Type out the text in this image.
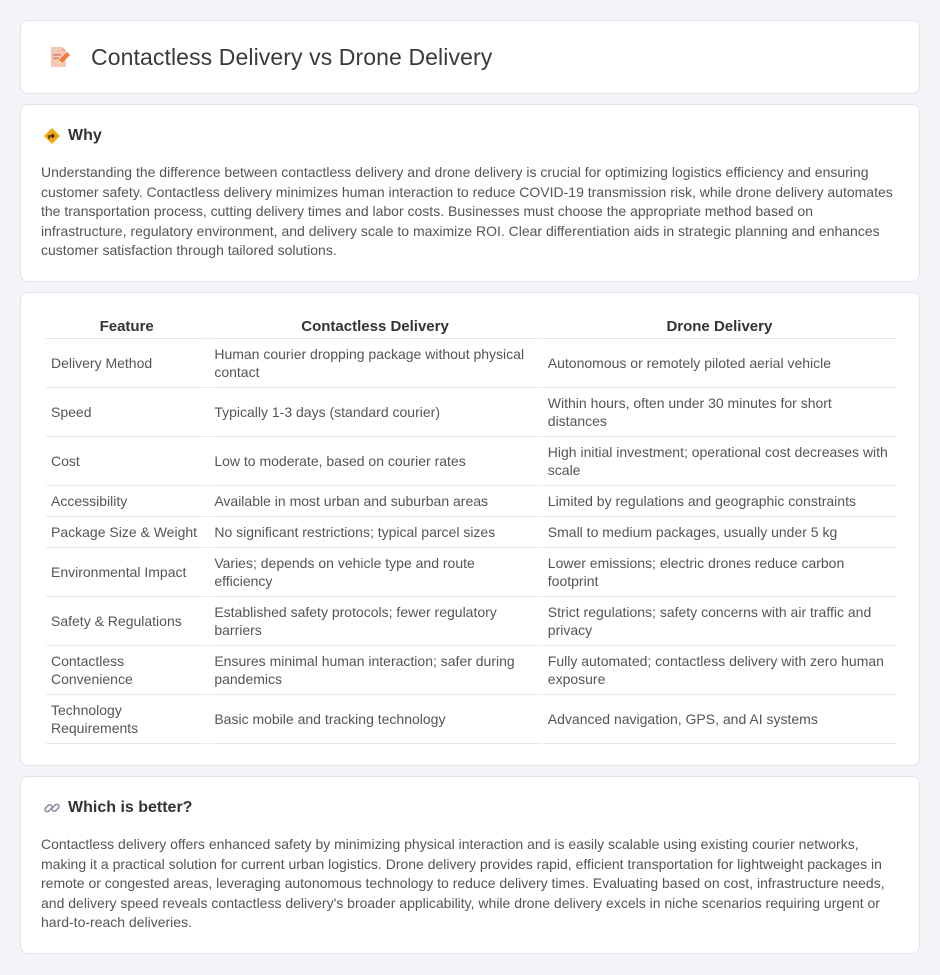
Contactless Delivery vs Drone Delivery
Why

Understanding the difference between contactless delivery and drone delivery is crucial for optimizing logistics efficiency and ensuring customer safety. Contactless delivery minimizes human interaction to reduce COVID-19 transmission risk, while drone delivery automates the transportation process, cutting delivery times and labor costs. Businesses must choose the appropriate method based on infrastructure, regulatory environment, and delivery scale to maximize ROI. Clear differentiation aids in strategic planning and enhances customer satisfaction through tailored solutions.

Feature	Contactless Delivery	Drone Delivery
Delivery Method	Human courier dropping package without physical contact	Autonomous or remotely piloted aerial vehicle
Speed	Typically 1-3 days (standard courier)	Within hours, often under 30 minutes for short distances
Cost	Low to moderate, based on courier rates	High initial investment; operational cost decreases with scale
Accessibility	Available in most urban and suburban areas	Limited by regulations and geographic constraints
Package Size & Weight	No significant restrictions; typical parcel sizes	Small to medium packages, usually under 5 kg
Environmental Impact	Varies; depends on vehicle type and route efficiency	Lower emissions; electric drones reduce carbon footprint
Safety & Regulations	Established safety protocols; fewer regulatory barriers	Strict regulations; safety concerns with air traffic and privacy
Contactless Convenience	Ensures minimal human interaction; safer during pandemics	Fully automated; contactless delivery with zero human exposure
Technology Requirements	Basic mobile and tracking technology	Advanced navigation, GPS, and AI systems
Which is better?

Contactless delivery offers enhanced safety by minimizing physical interaction and is easily scalable using existing courier networks, making it a practical solution for current urban logistics. Drone delivery provides rapid, efficient transportation for lightweight packages in remote or congested areas, leveraging autonomous technology to reduce delivery times. Evaluating based on cost, infrastructure needs, and delivery speed reveals contactless delivery's broader applicability, while drone delivery excels in niche scenarios requiring urgent or hard-to-reach deliveries.
